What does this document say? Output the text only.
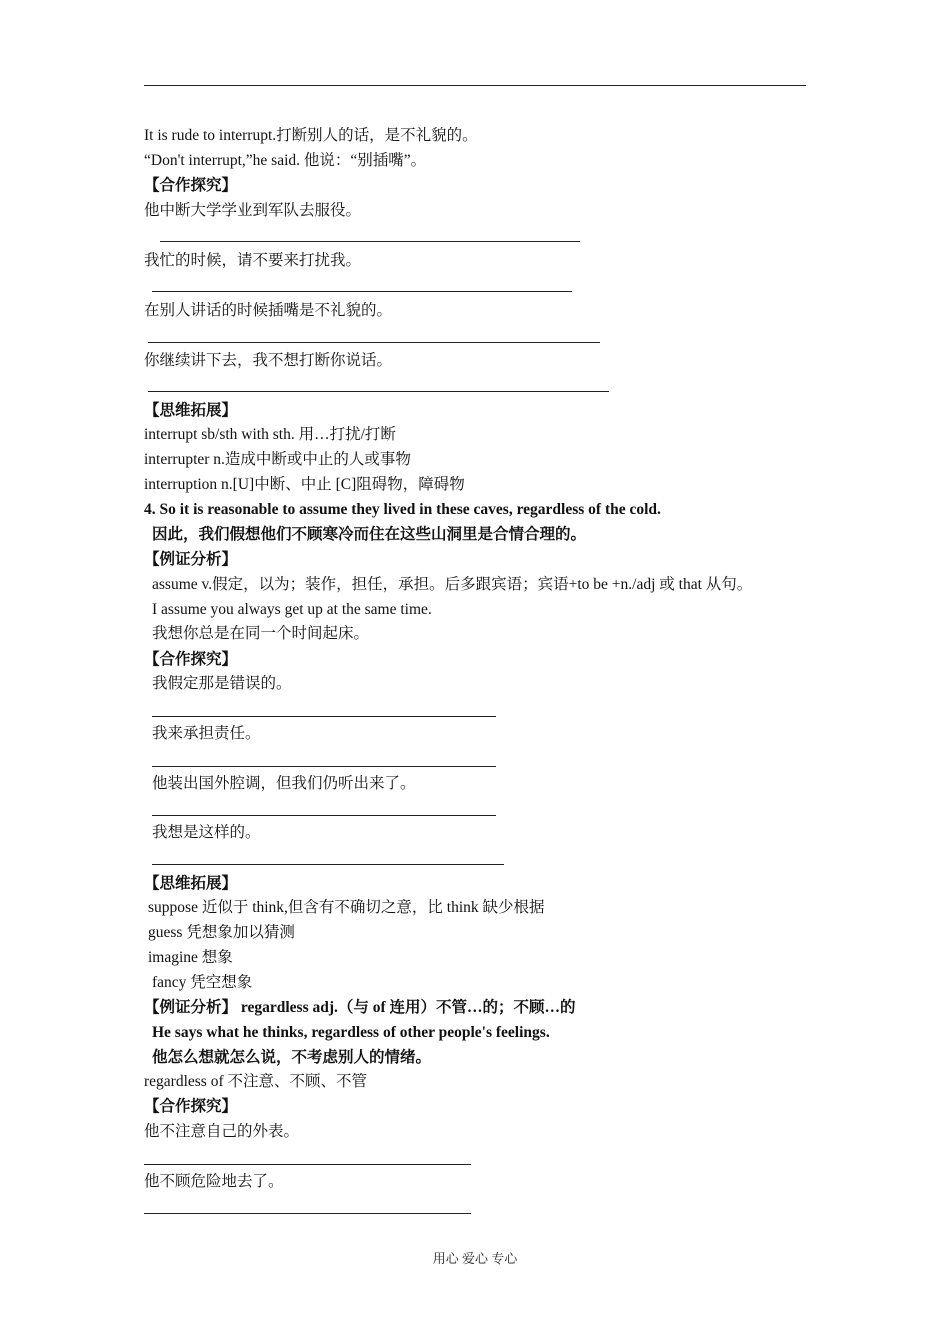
It is rude to interrupt.打断别人的话，是不礼貌的。
“Don't interrupt,”he said. 他说：“别插嘴”。
【合作探究】
他中断大学学业到军队去服役。
我忙的时候，请不要来打扰我。
在别人讲话的时候插嘴是不礼貌的。
你继续讲下去，我不想打断你说话。
【思维拓展】
interrupt sb/sth with sth. 用…打扰/打断
interrupter n.造成中断或中止的人或事物
interruption n.[U]中断、中止 [C]阻碍物，障碍物
4. So it is reasonable to assume they lived in these caves, regardless of the cold.
因此，我们假想他们不顾寒冷而住在这些山洞里是合情合理的。
【例证分析】
assume v.假定，以为；装作，担任，承担。后多跟宾语；宾语+to be +n./adj 或 that 从句。
I assume you always get up at the same time.
我想你总是在同一个时间起床。
【合作探究】
我假定那是错误的。
我来承担责任。
他装出国外腔调，但我们仍听出来了。
我想是这样的。
【思维拓展】
suppose 近似于 think,但含有不确切之意，比 think 缺少根据
guess 凭想象加以猜测
imagine 想象
fancy 凭空想象
【例证分析】 regardless adj.（与 of 连用）不管…的；不顾…的
He says what he thinks, regardless of other people's feelings.
他怎么想就怎么说，不考虑别人的情绪。
regardless of 不注意、不顾、不管
【合作探究】
他不注意自己的外表。
他不顾危险地去了。
用心 爱心 专心
